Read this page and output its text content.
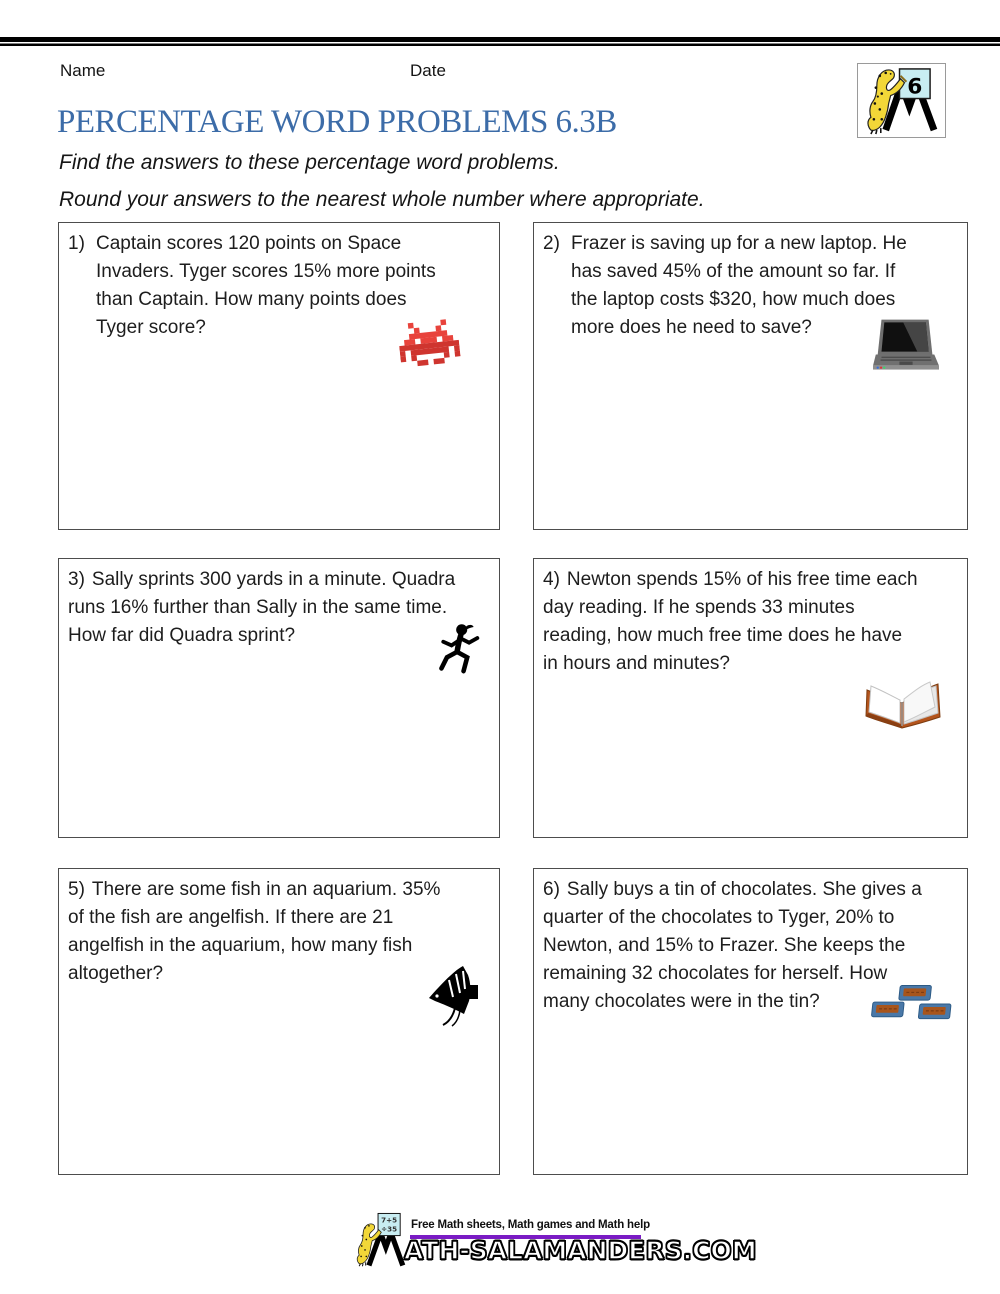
Name	Date
6
PERCENTAGE WORD PROBLEMS 6.3B
Find the answers to these percentage word problems.
Round your answers to the nearest whole number where appropriate.
1) Captain scores 120 points on Space
Invaders. Tyger scores 15% more points
than Captain. How many points does
Tyger score?
2) Frazer is saving up for a new laptop. He
has saved 45% of the amount so far. If
the laptop costs $320, how much does
more does he need to save?
3) Sally sprints 300 yards in a minute. Quadra
runs 16% further than Sally in the same time.
How far did Quadra sprint?
4) Newton spends 15% of his free time each
day reading. If he spends 33 minutes
reading, how much free time does he have
in hours and minutes?
5) There are some fish in an aquarium. 35%
of the fish are angelfish. If there are 21
angelfish in the aquarium, how many fish
altogether?
6) Sally buys a tin of chocolates. She gives a
quarter of the chocolates to Tyger, 20% to
Newton, and 15% to Frazer. She keeps the
remaining 32 chocolates for herself. How
many chocolates were in the tin?
7+5
÷35 Free Math sheets, Math games and Math help
ATH-SALAMANDERS.COM
